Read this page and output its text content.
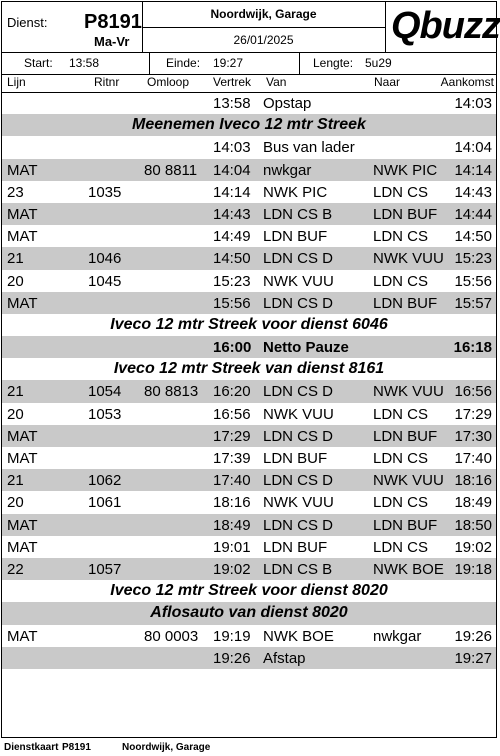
Dienst: P8191
Ma-Vr
Noordwijk, Garage
26/01/2025	Qbuzz
Start: 13:58	Einde: 19:27	Lengte: 5u29
Lijn	Ritnr Omloop Vertrek Van	Naar	Aankomst
13:58 Opstap	14:03
Meenemen Iveco 12 mtr Streek
14:03 Bus van lader	14:04
MAT	80 8811 14:04 nwkgar	NWK PIC 14:14
23	1035	14:14 NWK PIC	LDN CS 14:43
MAT	14:43 LDN CS B	LDN BUF 14:44
MAT	14:49 LDN BUF	LDN CS 14:50
21	1046	14:50 LDN CS D	NWK VUU 15:23
20	1045	15:23 NWK VUU	LDN CS 15:56
MAT	15:56 LDN CS D	LDN BUF 15:57
Iveco 12 mtr Streek voor dienst 6046
16:00 Netto Pauze	16:18
Iveco 12 mtr Streek van dienst 8161
21	1054 80 8813 16:20 LDN CS D	NWK VUU 16:56
20	1053	16:56 NWK VUU	LDN CS 17:29
MAT	17:29 LDN CS D	LDN BUF 17:30
MAT	17:39 LDN BUF	LDN CS 17:40
21	1062	17:40 LDN CS D	NWK VUU 18:16
20	1061	18:16 NWK VUU	LDN CS 18:49
MAT	18:49 LDN CS D	LDN BUF 18:50
MAT	19:01 LDN BUF	LDN CS 19:02
22	1057	19:02 LDN CS B	NWK BOE 19:18
Iveco 12 mtr Streek voor dienst 8020
Aflosauto van dienst 8020
MAT	80 0003 19:19 NWK BOE	nwkgar 19:26
19:26 Afstap	19:27
Dienstkaart P8191	Noordwijk, Garage
